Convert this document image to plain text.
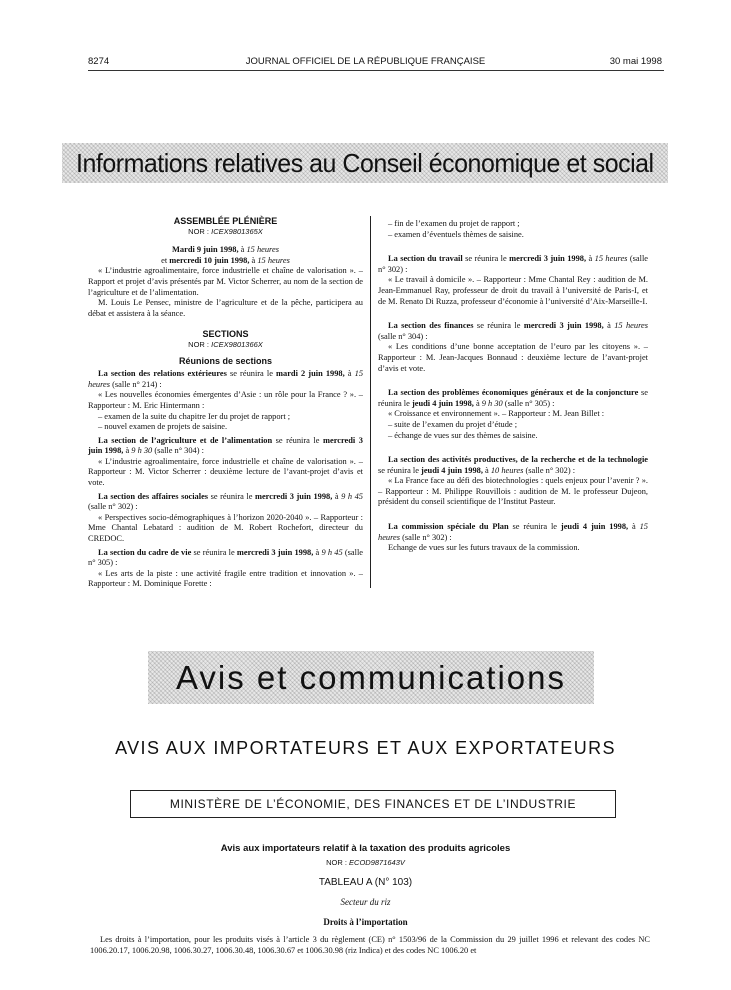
8274	JOURNAL OFFICIEL DE LA RÉPUBLIQUE FRANÇAISE	30 mai 1998
Informations relatives au Conseil économique et social

ASSEMBLÉE PLÉNIÈRE

NOR : ICEX9801365X

Mardi 9 juin 1998, à 15 heures

et mercredi 10 juin 1998, à 15 heures

« L’industrie agroalimentaire, force industrielle et chaîne de valorisation ». – Rapport et projet d’avis présentés par M. Victor Scherrer, au nom de la section de l’agriculture et de l’alimentation.

M. Louis Le Pensec, ministre de l’agriculture et de la pêche, participera au débat et assistera à la séance.

SECTIONS

NOR : ICEX9801366X

Réunions de sections

La section des relations extérieures se réunira le mardi 2 juin 1998, à 15 heures (salle n° 214) :

« Les nouvelles économies émergentes d’Asie : un rôle pour la France ? ». – Rapporteur : M. Eric Hintermann :

– examen de la suite du chapitre Ier du projet de rapport ;

– nouvel examen de projets de saisine.

La section de l’agriculture et de l’alimentation se réunira le mercredi 3 juin 1998, à 9 h 30 (salle n° 304) :

« L’industrie agroalimentaire, force industrielle et chaîne de valorisation ». – Rapporteur : M. Victor Scherrer : deuxième lecture de l’avant-projet d’avis et vote.

La section des affaires sociales se réunira le mercredi 3 juin 1998, à 9 h 45 (salle n° 302) :

« Perspectives socio-démographiques à l’horizon 2020-2040 ». – Rapporteur : Mme Chantal Lebatard : audition de M. Robert Rochefort, directeur du CREDOC.

La section du cadre de vie se réunira le mercredi 3 juin 1998, à 9 h 45 (salle n° 305) :

« Les arts de la piste : une activité fragile entre tradition et innovation ». – Rapporteur : M. Dominique Forette :

– fin de l’examen du projet de rapport ;

– examen d’éventuels thèmes de saisine.

La section du travail se réunira le mercredi 3 juin 1998, à 15 heures (salle n° 302) :

« Le travail à domicile ». – Rapporteur : Mme Chantal Rey : audition de M. Jean-Emmanuel Ray, professeur de droit du travail à l’université de Paris-I, et de M. Renato Di Ruzza, professeur d’économie à l’université d’Aix-Marseille-I.

La section des finances se réunira le mercredi 3 juin 1998, à 15 heures (salle n° 304) :

« Les conditions d’une bonne acceptation de l’euro par les citoyens ». – Rapporteur : M. Jean-Jacques Bonnaud : deuxième lecture de l’avant-projet d’avis et vote.

La section des problèmes économiques généraux et de la conjoncture se réunira le jeudi 4 juin 1998, à 9 h 30 (salle n° 305) :

« Croissance et environnement ». – Rapporteur : M. Jean Billet :

– suite de l’examen du projet d’étude ;

– échange de vues sur des thèmes de saisine.

La section des activités productives, de la recherche et de la technologie se réunira le jeudi 4 juin 1998, à 10 heures (salle n° 302) :

« La France face au défi des biotechnologies : quels enjeux pour l’avenir ? ». – Rapporteur : M. Philippe Rouvillois : audition de M. le professeur Dujeon, président du conseil scientifique de l’Institut Pasteur.

La commission spéciale du Plan se réunira le jeudi 4 juin 1998, à 15 heures (salle n° 302) :

Echange de vues sur les futurs travaux de la commission.

Avis et communications
AVIS AUX IMPORTATEURS ET AUX EXPORTATEURS
MINISTÈRE DE L’ÉCONOMIE, DES FINANCES ET DE L’INDUSTRIE
Avis aux importateurs relatif à la taxation des produits agricoles
NOR : ECOD9871643V
TABLEAU A (N° 103)
Secteur du riz
Droits à l’importation
Les droits à l’importation, pour les produits visés à l’article 3 du règlement (CE) n° 1503/96 de la Commission du 29 juillet 1996 et relevant des codes NC 1006.20.17, 1006.20.98, 1006.30.27, 1006.30.48, 1006.30.67 et 1006.30.98 (riz Indica) et des codes NC 1006.20 et
